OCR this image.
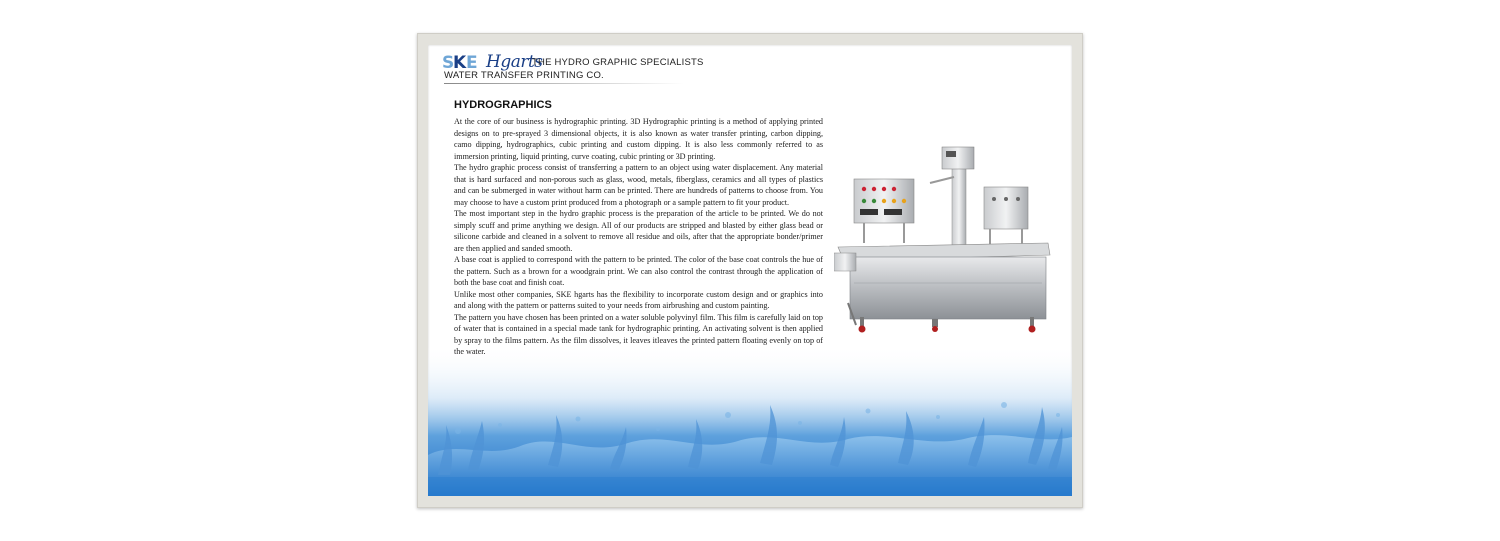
S
K E Hgarts
THE HYDRO GRAPHIC SPECIALISTS
WATER TRANSFER PRINTING CO.
HYDROGRAPHICS

At the core of our business is hydrographic printing. 3D Hydrographic printing is a method of applying printed designs on to pre-sprayed 3 dimensional objects, it is also known as water transfer printing, carbon dipping, camo dipping, hydrographics, cubic printing and custom dipping. It is also less commonly referred to as immersion printing, liquid printing, curve coating, cubic printing or 3D printing.

The hydro graphic process consist of transferring a pattern to an object using water displacement. Any material that is hard surfaced and non-porous such as glass, wood, metals, fiberglass, ceramics and all types of plastics and can be submerged in water without harm can be printed. There are hundreds of patterns to choose from. You may choose to have a custom print produced from a photograph or a sample pattern to fit your product.

The most important step in the hydro graphic process is the preparation of the article to be printed. We do not simply scuff and prime anything we design. All of our products are stripped and blasted by either glass bead or silicone carbide and cleaned in a solvent to remove all residue and oils, after that the appropriate bonder/primer are then applied and sanded smooth.

A base coat is applied to correspond with the pattern to be printed. The color of the base coat controls the hue of the pattern. Such as a brown for a woodgrain print. We can also control the contrast through the application of both the base coat and finish coat.

Unlike most other companies, SKE hgarts has the flexibility to incorporate custom design and or graphics into and along with the pattern or patterns suited to your needs from airbrushing and custom painting.

The pattern you have chosen has been printed on a water soluble polyvinyl film. This film is carefully laid on top of water that is contained in a special made tank for hydrographic printing. An activating solvent is then applied by spray to the films pattern. As the film dissolves, it leaves itleaves the printed pattern floating evenly on top of the water.
